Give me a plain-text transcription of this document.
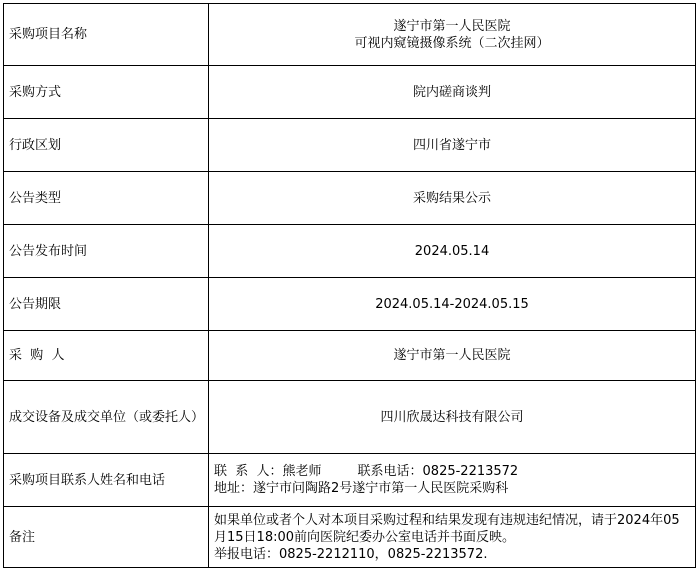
采购项目名称	遂宁市第一人民医院
可视内窥镜摄像系统（二次挂网）

采购方式	院内磋商谈判
行政区划	四川省遂宁市
公告类型	采购结果公示
公告发布时间	2024.05.14
公告期限	2024.05.14-2024.05.15
采  购  人	遂宁市第一人民医院
成交设备及成交单位（或委托人）	四川欣晟达科技有限公司
采购项目联系人姓名和电话	联  系  人：熊老师 联系电话：0825-2213572
地址：遂宁市问陶路2号遂宁市第一人民医院采购科

备注	如果单位或者个人对本项目采购过程和结果发现有违规违纪情况，请于2024年05月15日18:00前向医院纪委办公室电话并书面反映。
举报电话：0825-2212110，0825-2213572.
